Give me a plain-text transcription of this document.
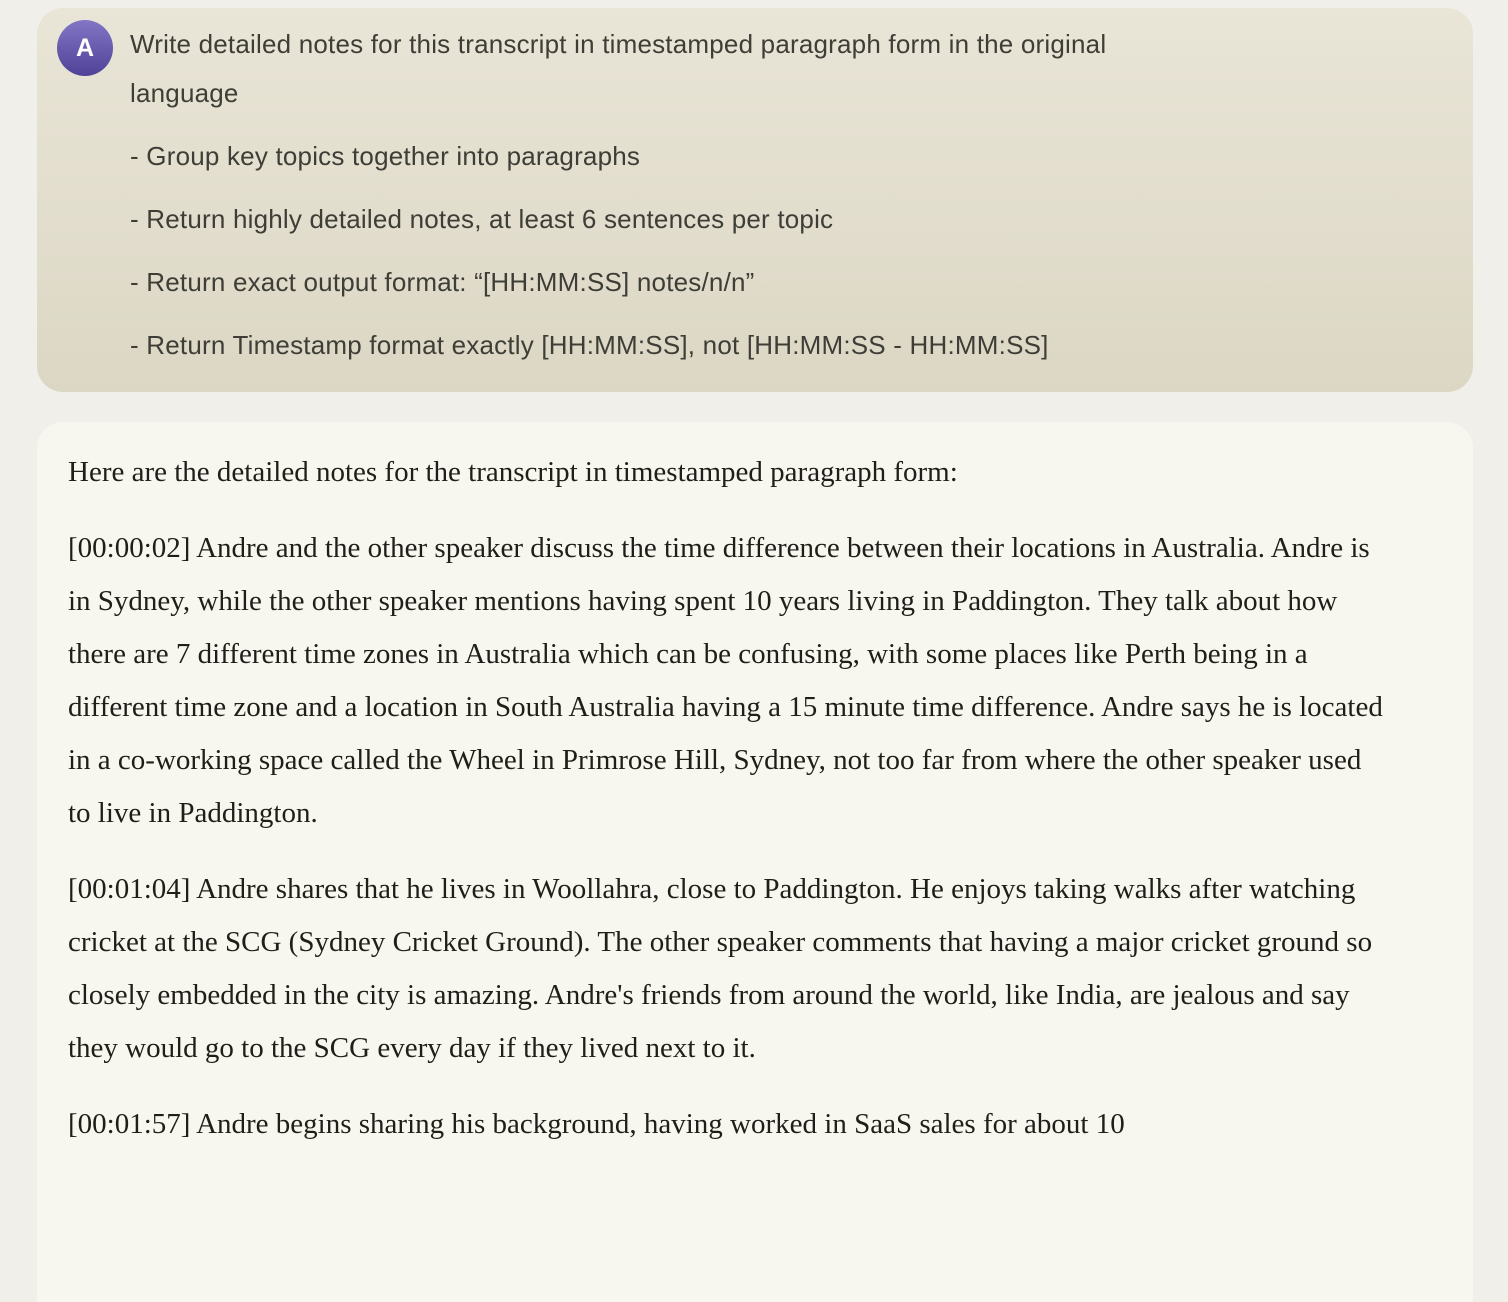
A Write detailed notes for this transcript in timestamped paragraph form in the original
language

- Group key topics together into paragraphs

- Return highly detailed notes, at least 6 sentences per topic

- Return exact output format: “[HH:MM:SS] notes/n/n”

- Return Timestamp format exactly [HH:MM:SS], not [HH:MM:SS - HH:MM:SS]

Here are the detailed notes for the transcript in timestamped paragraph form:

[00:00:02] Andre and the other speaker discuss the time difference between their locations in Australia. Andre is in Sydney, while the other speaker mentions having spent 10 years living in Paddington. They talk about how there are 7 different time zones in Australia which can be confusing, with some places like Perth being in a different time zone and a location in South Australia having a 15 minute time difference. Andre says he is located in a co-working space called the Wheel in Primrose Hill, Sydney, not too far from where the other speaker used to live in Paddington.

[00:01:04] Andre shares that he lives in Woollahra, close to Paddington. He enjoys taking walks after watching cricket at the SCG (Sydney Cricket Ground). The other speaker comments that having a major cricket ground so closely embedded in the city is amazing. Andre's friends from around the world, like India, are jealous and say they would go to the SCG every day if they lived next to it.

[00:01:57] Andre begins sharing his background, having worked in SaaS sales for about 10
